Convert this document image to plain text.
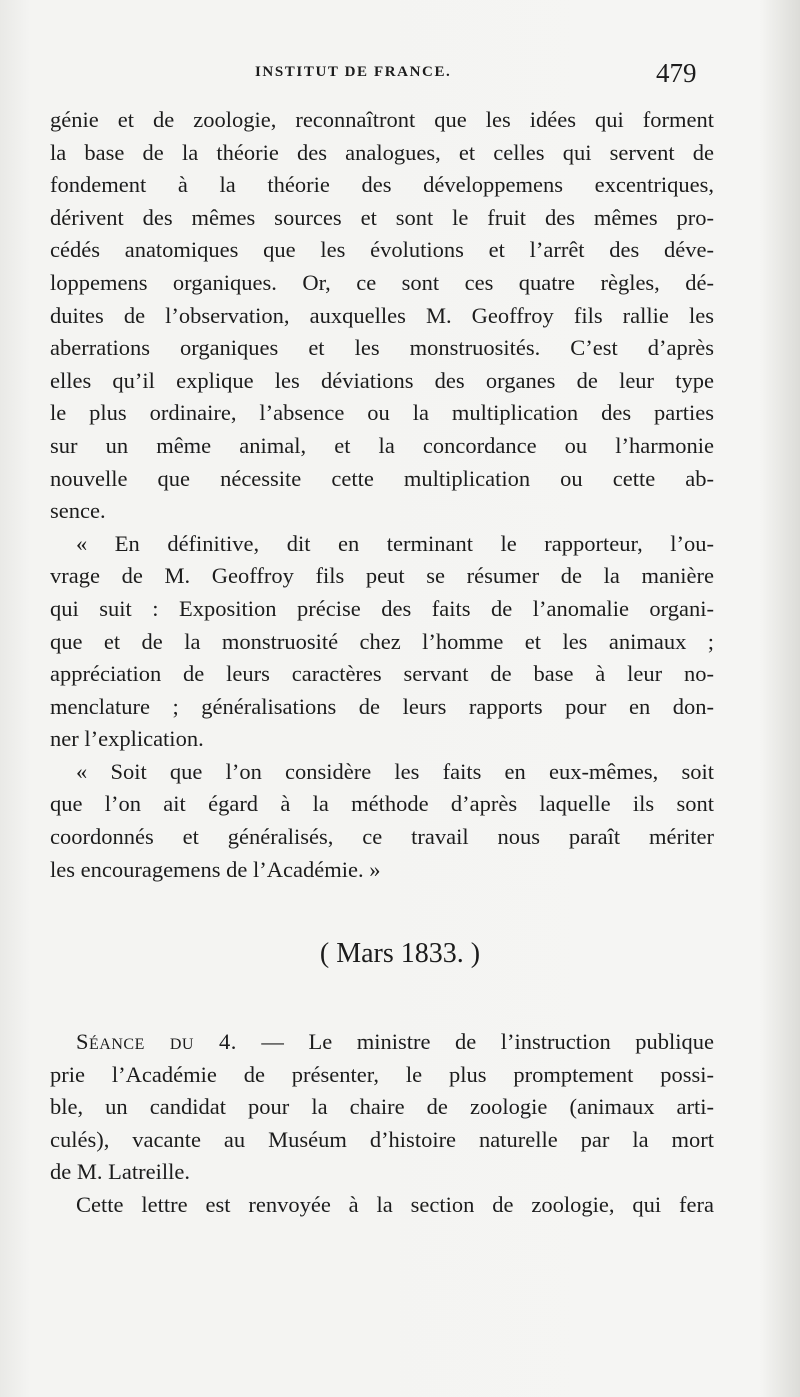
INSTITUT DE FRANCE.	479
génie et de zoologie, reconnaîtront que les idées qui forment
la base de la théorie des analogues, et celles qui servent de
fondement à la théorie des développemens excentriques,
dérivent des mêmes sources et sont le fruit des mêmes pro-
cédés anatomiques que les évolutions et l’arrêt des déve-
loppemens organiques. Or, ce sont ces quatre règles, dé-
duites de l’observation, auxquelles M. Geoffroy fils rallie les
aberrations organiques et les monstruosités. C’est d’après
elles qu’il explique les déviations des organes de leur type
le plus ordinaire, l’absence ou la multiplication des parties
sur un même animal, et la concordance ou l’harmonie
nouvelle que nécessite cette multiplication ou cette ab-
sence.
« En définitive, dit en terminant le rapporteur, l’ou-
vrage de M. Geoffroy fils peut se résumer de la manière
qui suit : Exposition précise des faits de l’anomalie organi-
que et de la monstruosité chez l’homme et les animaux ;
appréciation de leurs caractères servant de base à leur no-
menclature ; généralisations de leurs rapports pour en don-
ner l’explication.
« Soit que l’on considère les faits en eux-mêmes, soit
que l’on ait égard à la méthode d’après laquelle ils sont
coordonnés et généralisés, ce travail nous paraît mériter
les encouragemens de l’Académie. »
( Mars 1833. )
Séance du 4. — Le ministre de l’instruction publique
prie l’Académie de présenter, le plus promptement possi-
ble, un candidat pour la chaire de zoologie (animaux arti-
culés), vacante au Muséum d’histoire naturelle par la mort
de M. Latreille.
Cette lettre est renvoyée à la section de zoologie, qui fera
